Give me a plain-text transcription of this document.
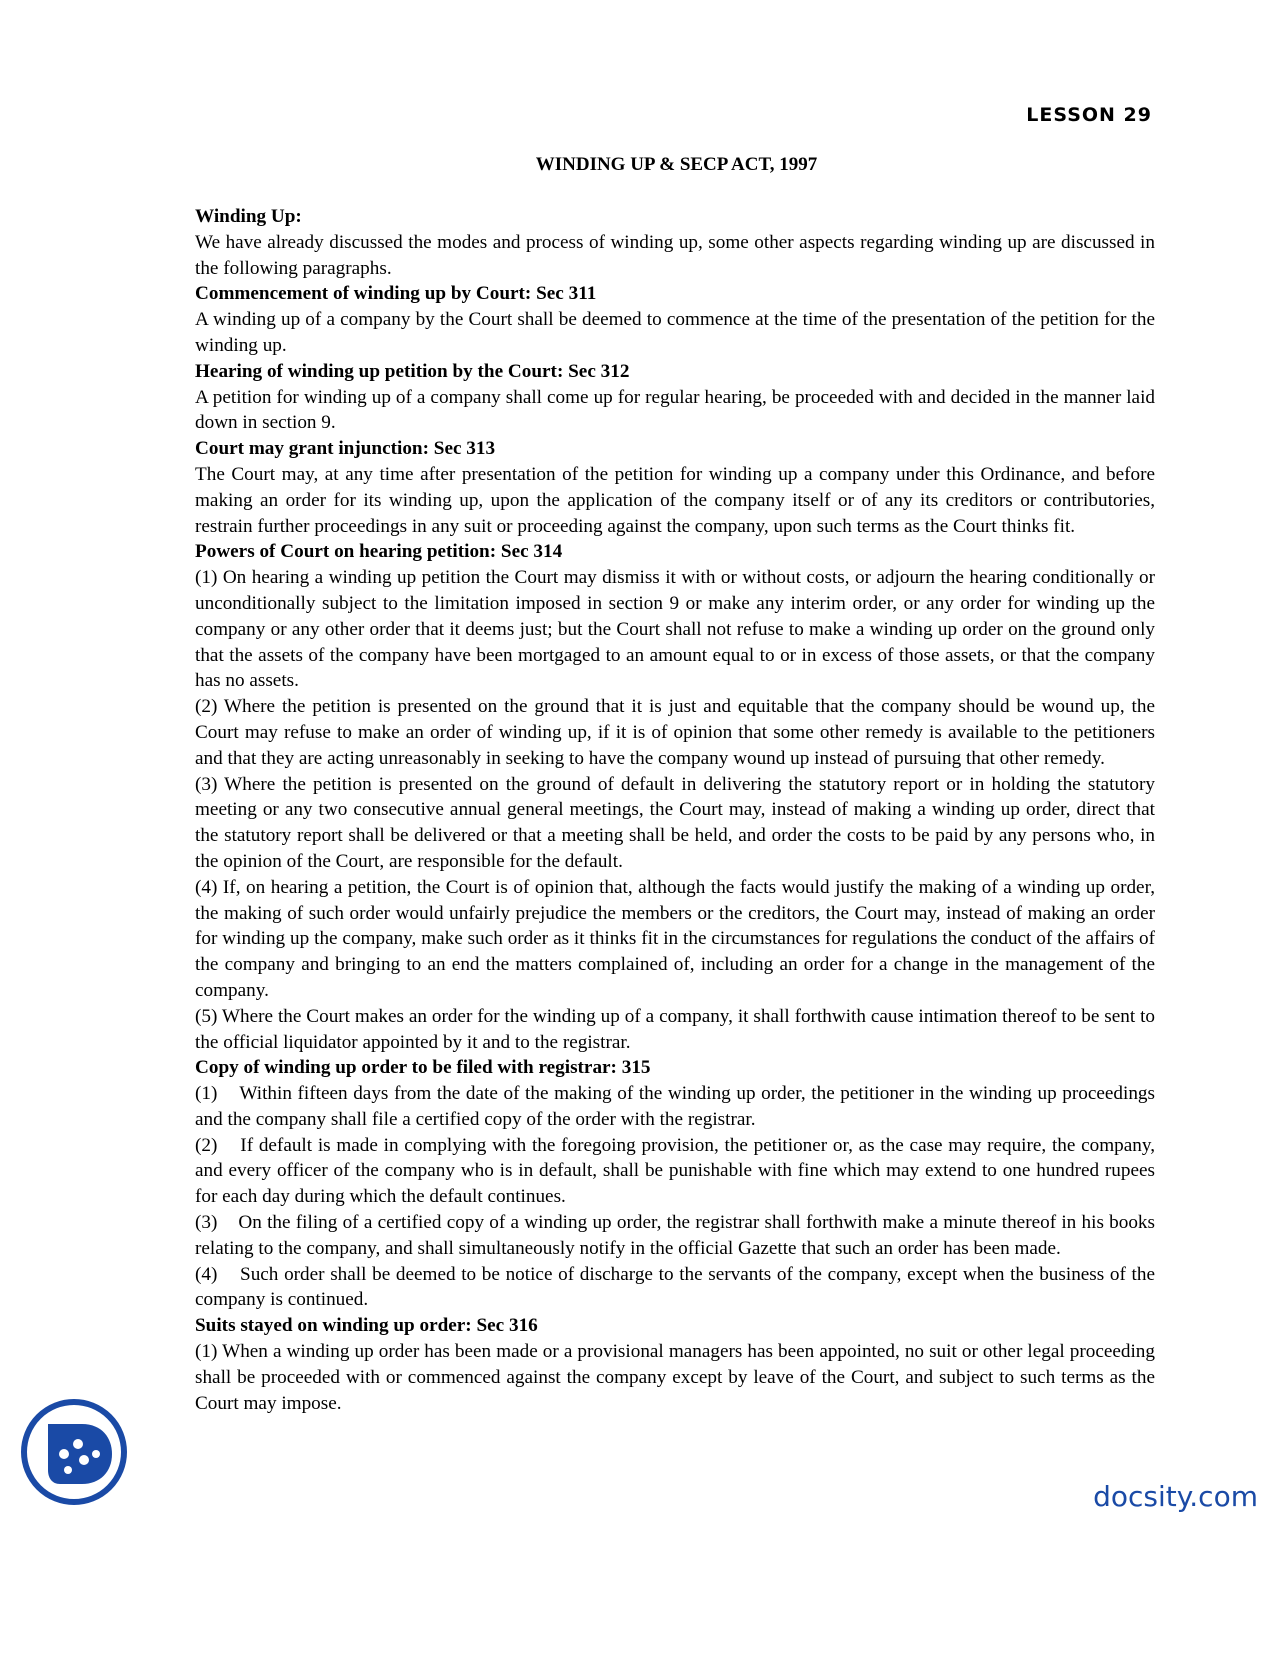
LESSON 29
WINDING UP & SECP ACT, 1997
Winding Up:

We have already discussed the modes and process of winding up, some other aspects regarding winding up are discussed in the following paragraphs.

Commencement of winding up by Court: Sec 311

A winding up of a company by the Court shall be deemed to commence at the time of the presentation of the petition for the winding up.

Hearing of winding up petition by the Court: Sec 312

A petition for winding up of a company shall come up for regular hearing, be proceeded with and decided in the manner laid down in section 9.

Court may grant injunction: Sec 313

The Court may, at any time after presentation of the petition for winding up a company under this Ordinance, and before making an order for its winding up, upon the application of the company itself or of any its creditors or contributories, restrain further proceedings in any suit or proceeding against the company, upon such terms as the Court thinks fit.

Powers of Court on hearing petition: Sec 314

(1) On hearing a winding up petition the Court may dismiss it with or without costs, or adjourn the hearing conditionally or unconditionally subject to the limitation imposed in section 9 or make any interim order, or any order for winding up the company or any other order that it deems just; but the Court shall not refuse to make a winding up order on the ground only that the assets of the company have been mortgaged to an amount equal to or in excess of those assets, or that the company has no assets.

(2) Where the petition is presented on the ground that it is just and equitable that the company should be wound up, the Court may refuse to make an order of winding up, if it is of opinion that some other remedy is available to the petitioners and that they are acting unreasonably in seeking to have the company wound up instead of pursuing that other remedy.

(3) Where the petition is presented on the ground of default in delivering the statutory report or in holding the statutory meeting or any two consecutive annual general meetings, the Court may, instead of making a winding up order, direct that the statutory report shall be delivered or that a meeting shall be held, and order the costs to be paid by any persons who, in the opinion of the Court, are responsible for the default.

(4) If, on hearing a petition, the Court is of opinion that, although the facts would justify the making of a winding up order, the making of such order would unfairly prejudice the members or the creditors, the Court may, instead of making an order for winding up the company, make such order as it thinks fit in the circumstances for regulations the conduct of the affairs of the company and bringing to an end the matters complained of, including an order for a change in the management of the company.

(5) Where the Court makes an order for the winding up of a company, it shall forthwith cause intimation thereof to be sent to the official liquidator appointed by it and to the registrar.

Copy of winding up order to be filed with registrar: 315

(1)    Within fifteen days from the date of the making of the winding up order, the petitioner in the winding up proceedings and the company shall file a certified copy of the order with the registrar.

(2)    If default is made in complying with the foregoing provision, the petitioner or, as the case may require, the company, and every officer of the company who is in default, shall be punishable with fine which may extend to one hundred rupees for each day during which the default continues.

(3)    On the filing of a certified copy of a winding up order, the registrar shall forthwith make a minute thereof in his books relating to the company, and shall simultaneously notify in the official Gazette that such an order has been made.

(4)    Such order shall be deemed to be notice of discharge to the servants of the company, except when the business of the company is continued.

Suits stayed on winding up order: Sec 316

(1) When a winding up order has been made or a provisional managers has been appointed, no suit or other legal proceeding shall be proceeded with or commenced against the company except by leave of the Court, and subject to such terms as the Court may impose.

docsity.com
